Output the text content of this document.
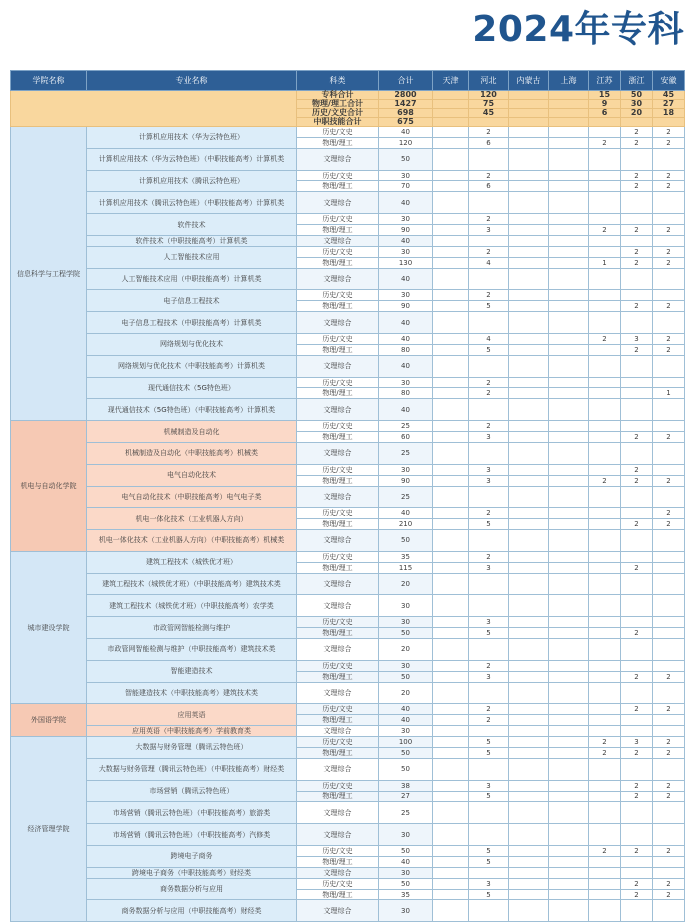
2024年专科
学院名称	专业名称	科类	合计	天津	河北	内蒙古	上海	江苏	浙江	安徽
		专科合计	2800		120			15	50	45
		物理/理工合计	1427		75			9	30	27
		历史/文史合计	698		45			6	20	18
		中职技能合计	675							
信息科学与工程学院	计算机应用技术（华为云特色班）	历史/文史	40		2				2	2
		物理/理工	120		6			2	2	2
	计算机应用技术（华为云特色班）（中职技能高考）计算机类	文理综合	50							
	计算机应用技术（腾讯云特色班）	历史/文史	30		2				2	2
		物理/理工	70		6				2	2
	计算机应用技术（腾讯云特色班）（中职技能高考）计算机类	文理综合	40							
	软件技术	历史/文史	30		2					
		物理/理工	90		3			2	2	2
	软件技术（中职技能高考）计算机类	文理综合	40							
	人工智能技术应用	历史/文史	30		2				2	2
		物理/理工	130		4			1	2	2
	人工智能技术应用（中职技能高考）计算机类	文理综合	40							
	电子信息工程技术	历史/文史	30		2					
		物理/理工	90		5				2	2
	电子信息工程技术（中职技能高考）计算机类	文理综合	40							
	网络规划与优化技术	历史/文史	40		4			2	3	2
		物理/理工	80		5				2	2
	网络规划与优化技术（中职技能高考）计算机类	文理综合	40							
	现代通信技术（5G特色班）	历史/文史	30		2					
		物理/理工	80		2					1
	现代通信技术（5G特色班）（中职技能高考）计算机类	文理综合	40							
机电与自动化学院	机械制造及自动化	历史/文史	25		2					
		物理/理工	60		3				2	2
	机械制造及自动化（中职技能高考）机械类	文理综合	25							
	电气自动化技术	历史/文史	30		3				2	
		物理/理工	90		3			2	2	2
	电气自动化技术（中职技能高考）电气电子类	文理综合	25							
	机电一体化技术（工业机器人方向）	历史/文史	40		2					2
		物理/理工	210		5				2	2
	机电一体化技术（工业机器人方向）（中职技能高考）机械类	文理综合	50							
城市建设学院	建筑工程技术（城铁优才班）	历史/文史	35		2					
		物理/理工	115		3				2	
	建筑工程技术（城铁优才班）（中职技能高考）建筑技术类	文理综合	20							
	建筑工程技术（城铁优才班）（中职技能高考）农学类	文理综合	30							
	市政管网智能检测与维护	历史/文史	30		3					
		物理/理工	50		5				2	
	市政管网智能检测与维护（中职技能高考）建筑技术类	文理综合	20							
	智能建造技术	历史/文史	30		2					
		物理/理工	50		3				2	2
	智能建造技术（中职技能高考）建筑技术类	文理综合	20							
外国语学院	应用英语	历史/文史	40		2				2	2
		物理/理工	40		2					
	应用英语（中职技能高考）学前教育类	文理综合	30							
经济管理学院	大数据与财务管理（腾讯云特色班）	历史/文史	100		5			2	3	2
		物理/理工	50		5			2	2	2
	大数据与财务管理（腾讯云特色班）（中职技能高考）财经类	文理综合	50							
	市场营销（腾讯云特色班）	历史/文史	38		3				2	2
		物理/理工	27		5				2	2
	市场营销（腾讯云特色班）（中职技能高考）旅游类	文理综合	25							
	市场营销（腾讯云特色班）（中职技能高考）汽修类	文理综合	30							
	跨境电子商务	历史/文史	50		5			2	2	2
		物理/理工	40		5					
	跨境电子商务（中职技能高考）财经类	文理综合	30							
	商务数据分析与应用	历史/文史	50		3				2	2
		物理/理工	35		5				2	2
	商务数据分析与应用（中职技能高考）财经类	文理综合	30							
